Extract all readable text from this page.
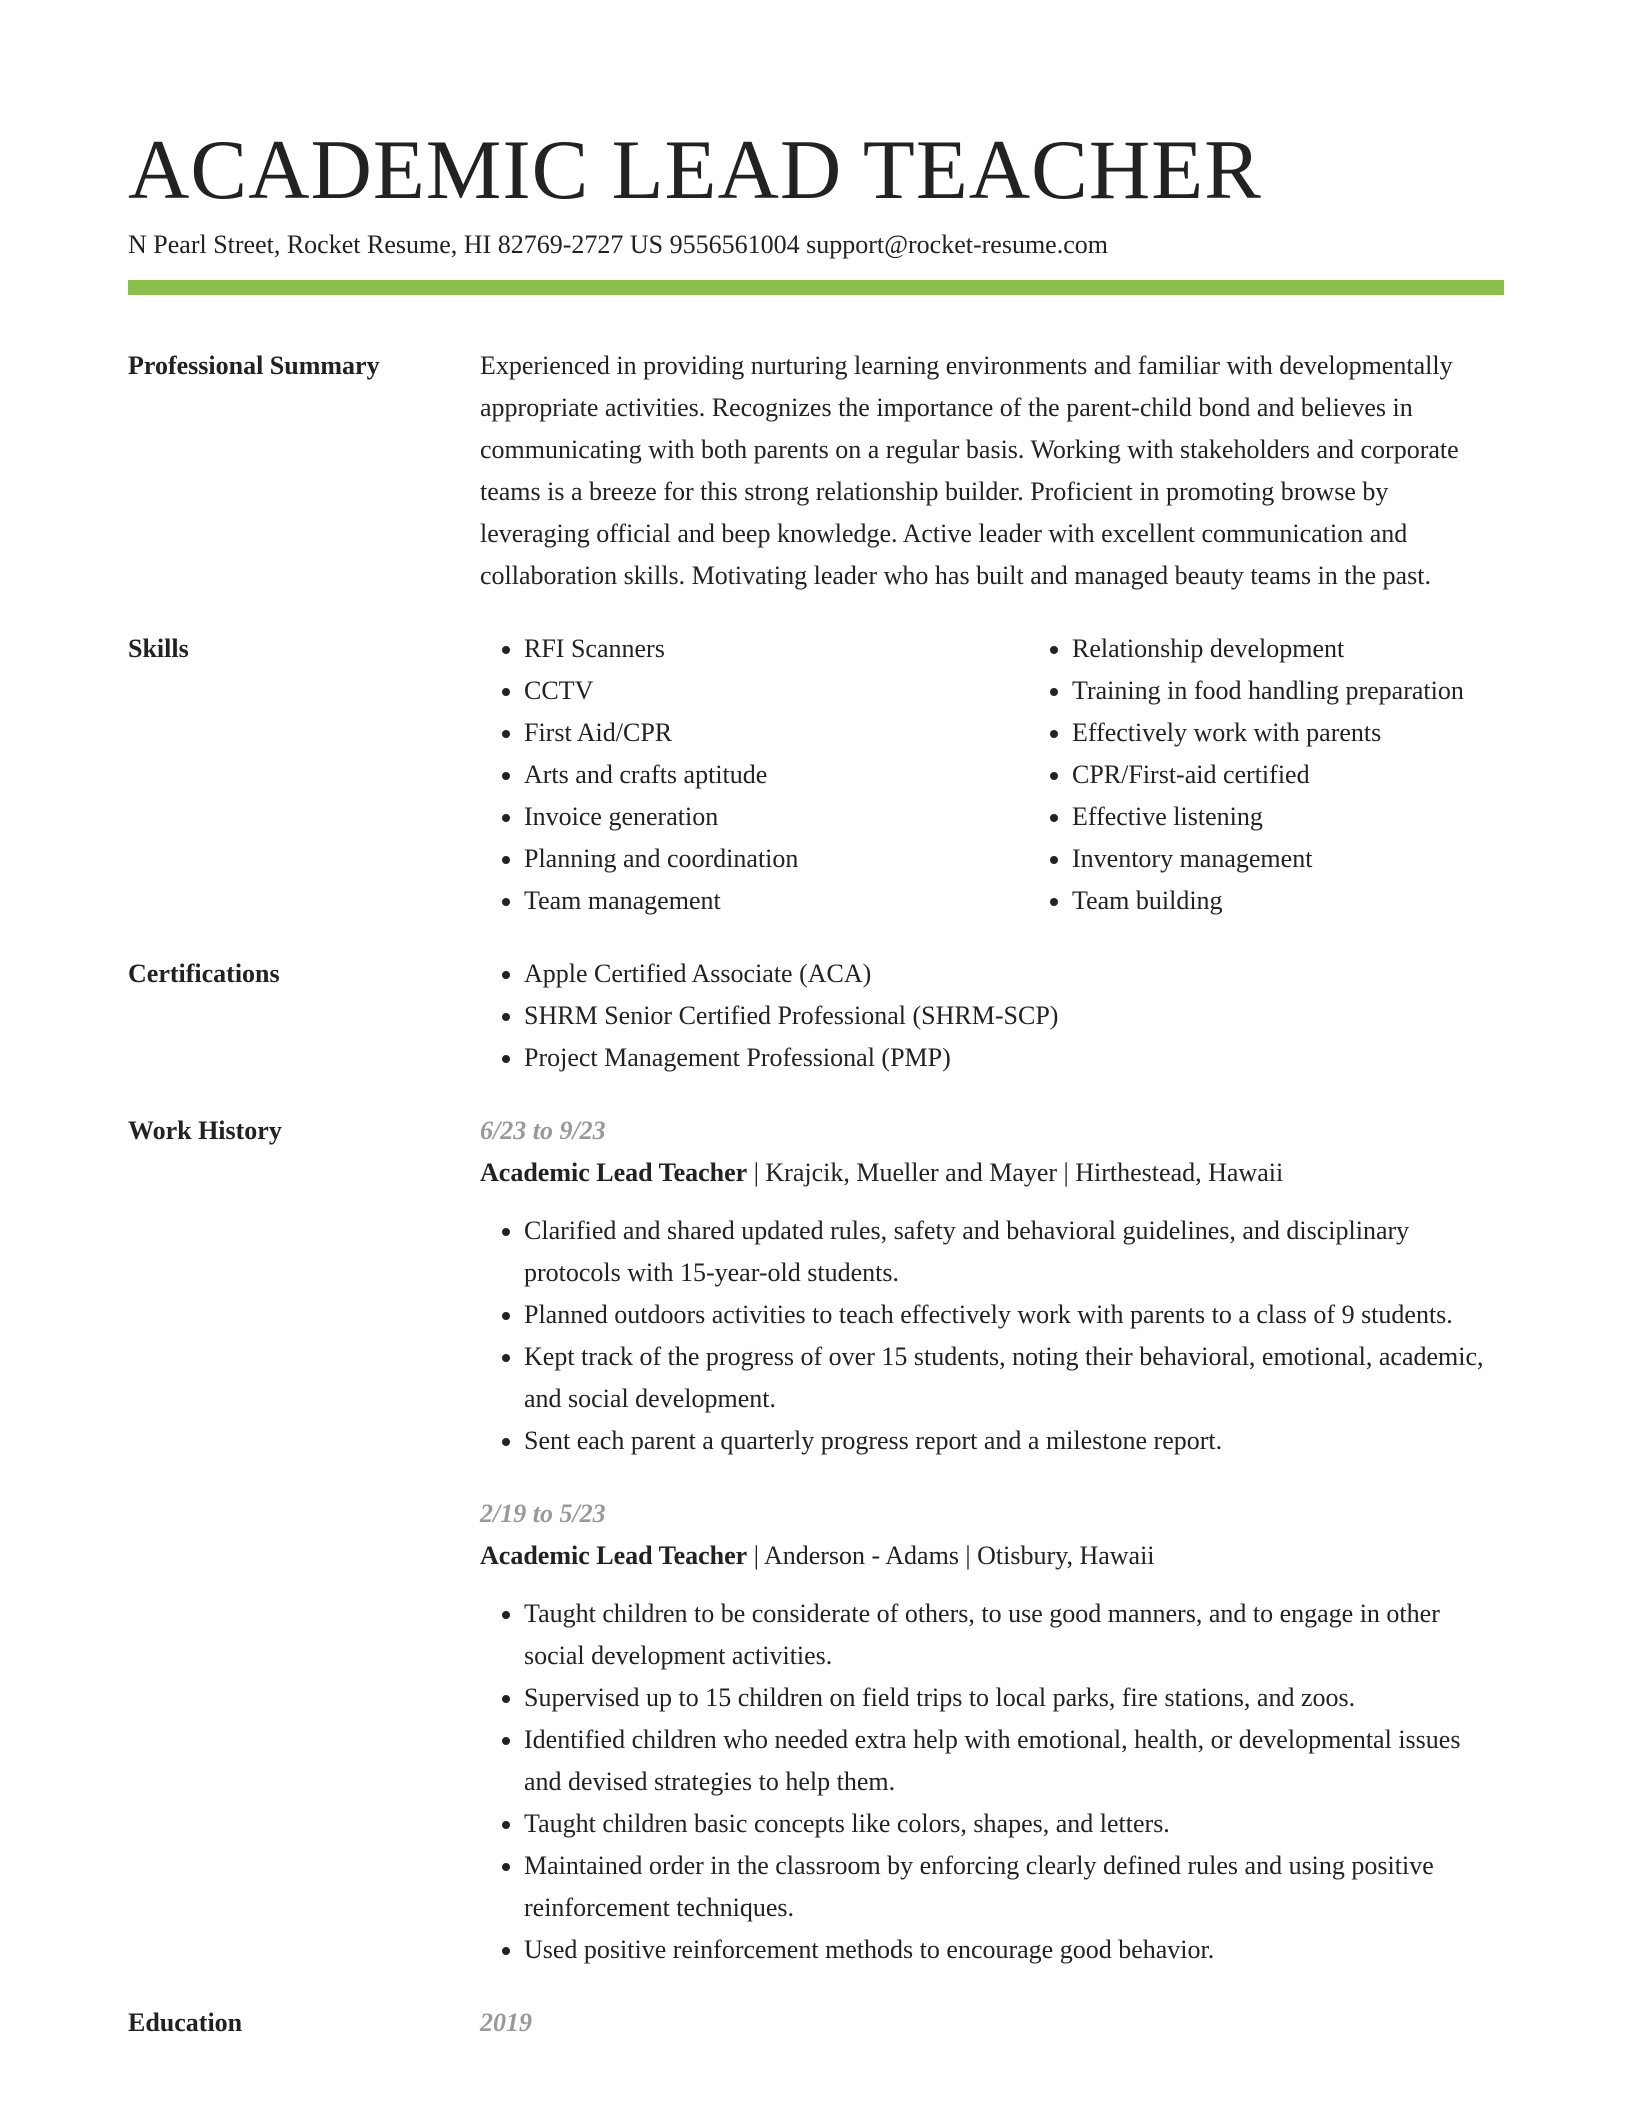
ACADEMIC LEAD TEACHER
N Pearl Street, Rocket Resume, HI 82769-2727 US 9556561004 support@rocket-resume.com
Professional Summary	Experienced in providing nurturing learning environments and familiar with developmentally appropriate activities. Recognizes the importance of the parent-child bond and believes in communicating with both parents on a regular basis. Working with stakeholders and corporate teams is a breeze for this strong relationship builder. Proficient in promoting browse by leveraging official and beep knowledge. Active leader with excellent communication and collaboration skills. Motivating leader who has built and managed beauty teams in the past.

Skills	• RFI Scanners
• CCTV
• First Aid/CPR
• Arts and crafts aptitude
• Invoice generation
• Planning and coordination
• Team management
• Relationship development
• Training in food handling preparation
• Effectively work with parents
• CPR/First-aid certified
• Effective listening
• Inventory management
• Team building
Certifications	• Apple Certified Associate (ACA)
• SHRM Senior Certified Professional (SHRM-SCP)
• Project Management Professional (PMP)
Work History	6/23 to 9/23
Academic Lead Teacher | Krajcik, Mueller and Mayer | Hirthestead, Hawaii
• Clarified and shared updated rules, safety and behavioral guidelines, and disciplinary protocols with 15-year-old students.
• Planned outdoors activities to teach effectively work with parents to a class of 9 students.
• Kept track of the progress of over 15 students, noting their behavioral, emotional, academic, and social development.
• Sent each parent a quarterly progress report and a milestone report.
2/19 to 5/23
Academic Lead Teacher | Anderson - Adams | Otisbury, Hawaii
• Taught children to be considerate of others, to use good manners, and to engage in other social development activities.
• Supervised up to 15 children on field trips to local parks, fire stations, and zoos.
• Identified children who needed extra help with emotional, health, or developmental issues and devised strategies to help them.
• Taught children basic concepts like colors, shapes, and letters.
• Maintained order in the classroom by enforcing clearly defined rules and using positive reinforcement techniques.
• Used positive reinforcement methods to encourage good behavior.
Education	2019
